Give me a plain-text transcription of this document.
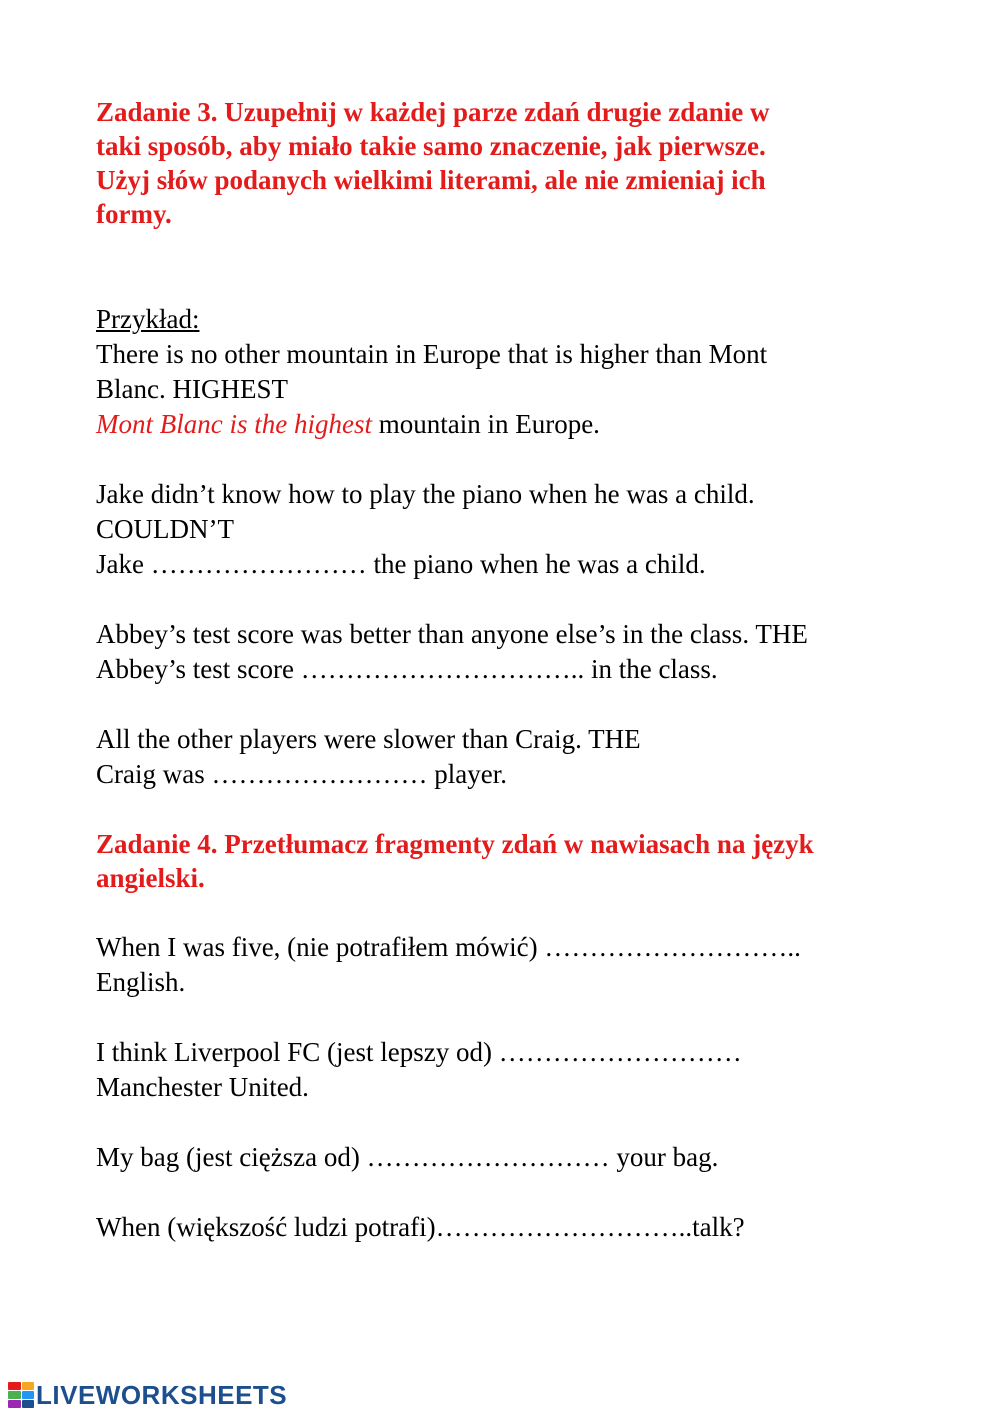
Zadanie 3. Uzupełnij w każdej parze zdań drugie zdanie w

taki sposób, aby miało takie samo znaczenie, jak pierwsze.

Użyj słów podanych wielkimi literami, ale nie zmieniaj ich

formy.

Przykład:

There is no other mountain in Europe that is higher than Mont

Blanc. HIGHEST

Mont Blanc is the highest mountain in Europe.

Jake didn’t know how to play the piano when he was a child.

COULDN’T

Jake …………………… the piano when he was a child.

Abbey’s test score was better than anyone else’s in the class. THE

Abbey’s test score ………………………….. in the class.

All the other players were slower than Craig. THE

Craig was …………………… player.

Zadanie 4. Przetłumacz fragmenty zdań w nawiasach na język

angielski.

When I was five, (nie potrafiłem mówić) ………………………..

English.

I think Liverpool FC (jest lepszy od) ………………………

Manchester United.

My bag (jest cięższa od) ……………………… your bag.

When (większość ludzi potrafi)………………………..talk?

LIVEWORKSHEETS
